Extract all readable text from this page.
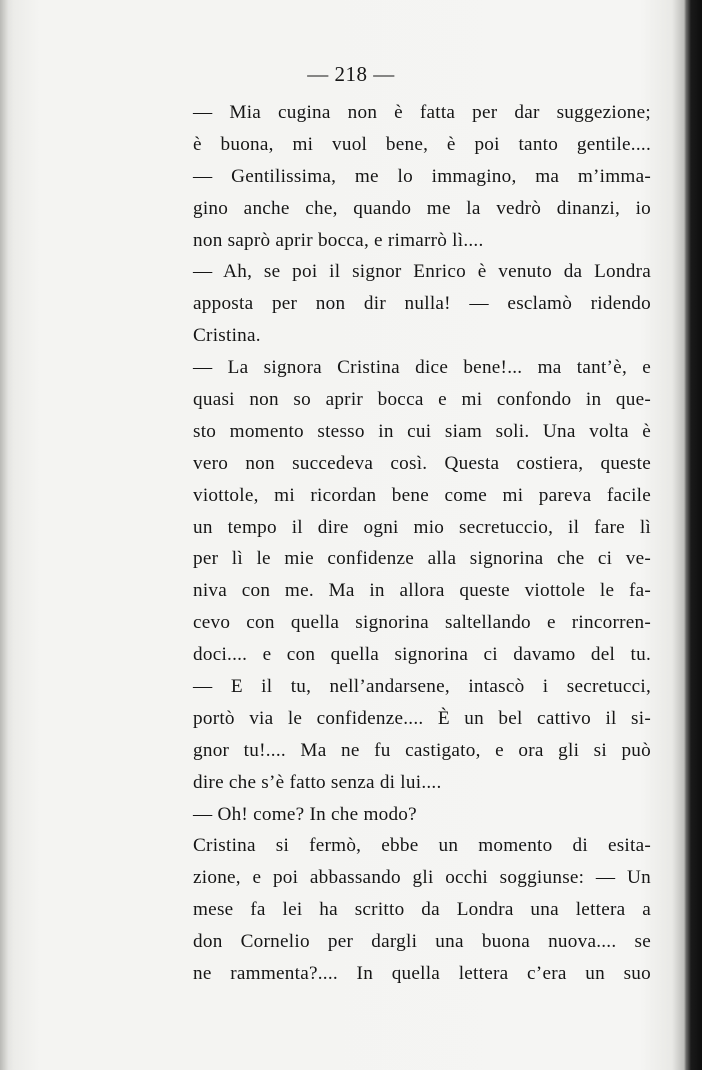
— 218 —
— Mia cugina non è fatta per dar suggezione;
è buona, mi vuol bene, è poi tanto gentile....
— Gentilissima, me lo immagino, ma m’imma-
gino anche che, quando me la vedrò dinanzi, io
non saprò aprir bocca, e rimarrò lì....
— Ah, se poi il signor Enrico è venuto da Londra
apposta per non dir nulla! — esclamò ridendo
Cristina.
— La signora Cristina dice bene!... ma tant’è, e
quasi non so aprir bocca e mi confondo in que-
sto momento stesso in cui siam soli. Una volta è
vero non succedeva così. Questa costiera, queste
viottole, mi ricordan bene come mi pareva facile
un tempo il dire ogni mio secretuccio, il fare lì
per lì le mie confidenze alla signorina che ci ve-
niva con me. Ma in allora queste viottole le fa-
cevo con quella signorina saltellando e rincorren-
doci.... e con quella signorina ci davamo del tu.
— E il tu, nell’andarsene, intascò i secretucci,
portò via le confidenze.... È un bel cattivo il si-
gnor tu!.... Ma ne fu castigato, e ora gli si può
dire che s’è fatto senza di lui....
— Oh! come? In che modo?
Cristina si fermò, ebbe un momento di esita-
zione, e poi abbassando gli occhi soggiunse: — Un
mese fa lei ha scritto da Londra una lettera a
don Cornelio per dargli una buona nuova.... se
ne rammenta?.... In quella lettera c’era un suo
